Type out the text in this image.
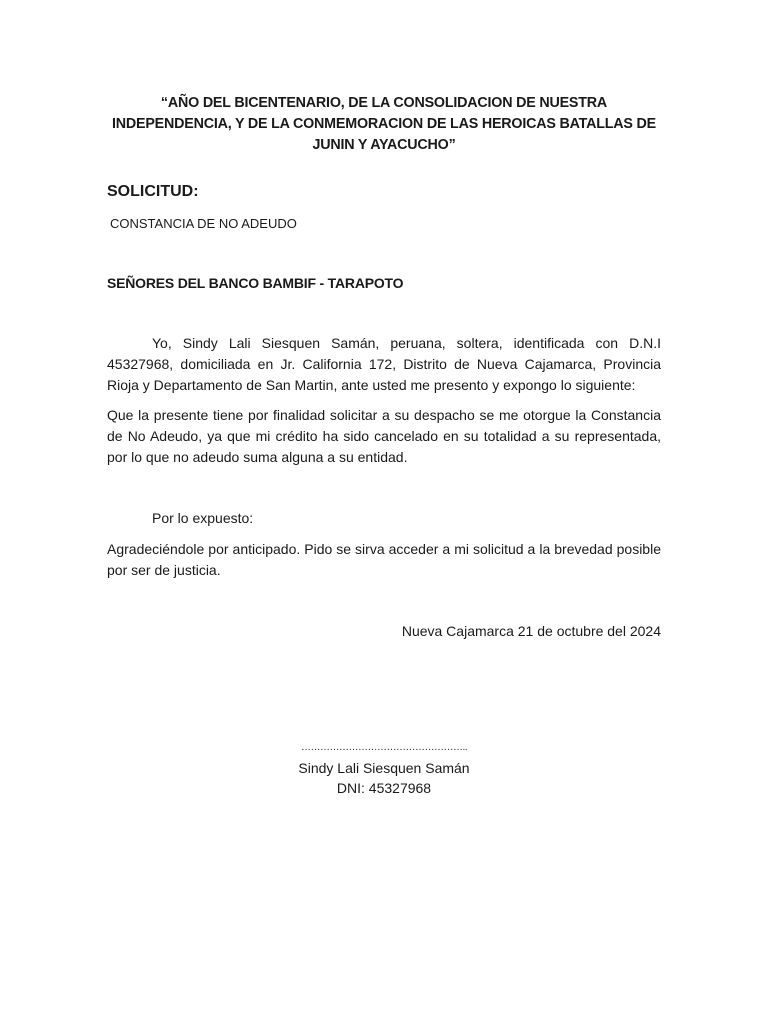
“AÑO DEL BICENTENARIO, DE LA CONSOLIDACION DE NUESTRA INDEPENDENCIA, Y DE LA CONMEMORACION DE LAS HEROICAS BATALLAS DE JUNIN Y AYACUCHO”
SOLICITUD:
CONSTANCIA DE NO ADEUDO
SEÑORES DEL BANCO BAMBIF - TARAPOTO
Yo, Sindy Lali Siesquen Samán, peruana, soltera, identificada con D.N.I 45327968, domiciliada en Jr. California 172, Distrito de Nueva Cajamarca, Provincia Rioja y Departamento de San Martin, ante usted me presento y expongo lo siguiente:
Que la presente tiene por finalidad solicitar a su despacho se me otorgue la Constancia de No Adeudo, ya que mi crédito ha sido cancelado en su totalidad a su representada, por lo que no adeudo suma alguna a su entidad.
Por lo expuesto:
Agradeciéndole por anticipado. Pido se sirva acceder a mi solicitud a la brevedad posible por ser de justicia.
Nueva Cajamarca 21 de octubre del 2024
……………………………………………..
Sindy Lali Siesquen Samán
DNI: 45327968
